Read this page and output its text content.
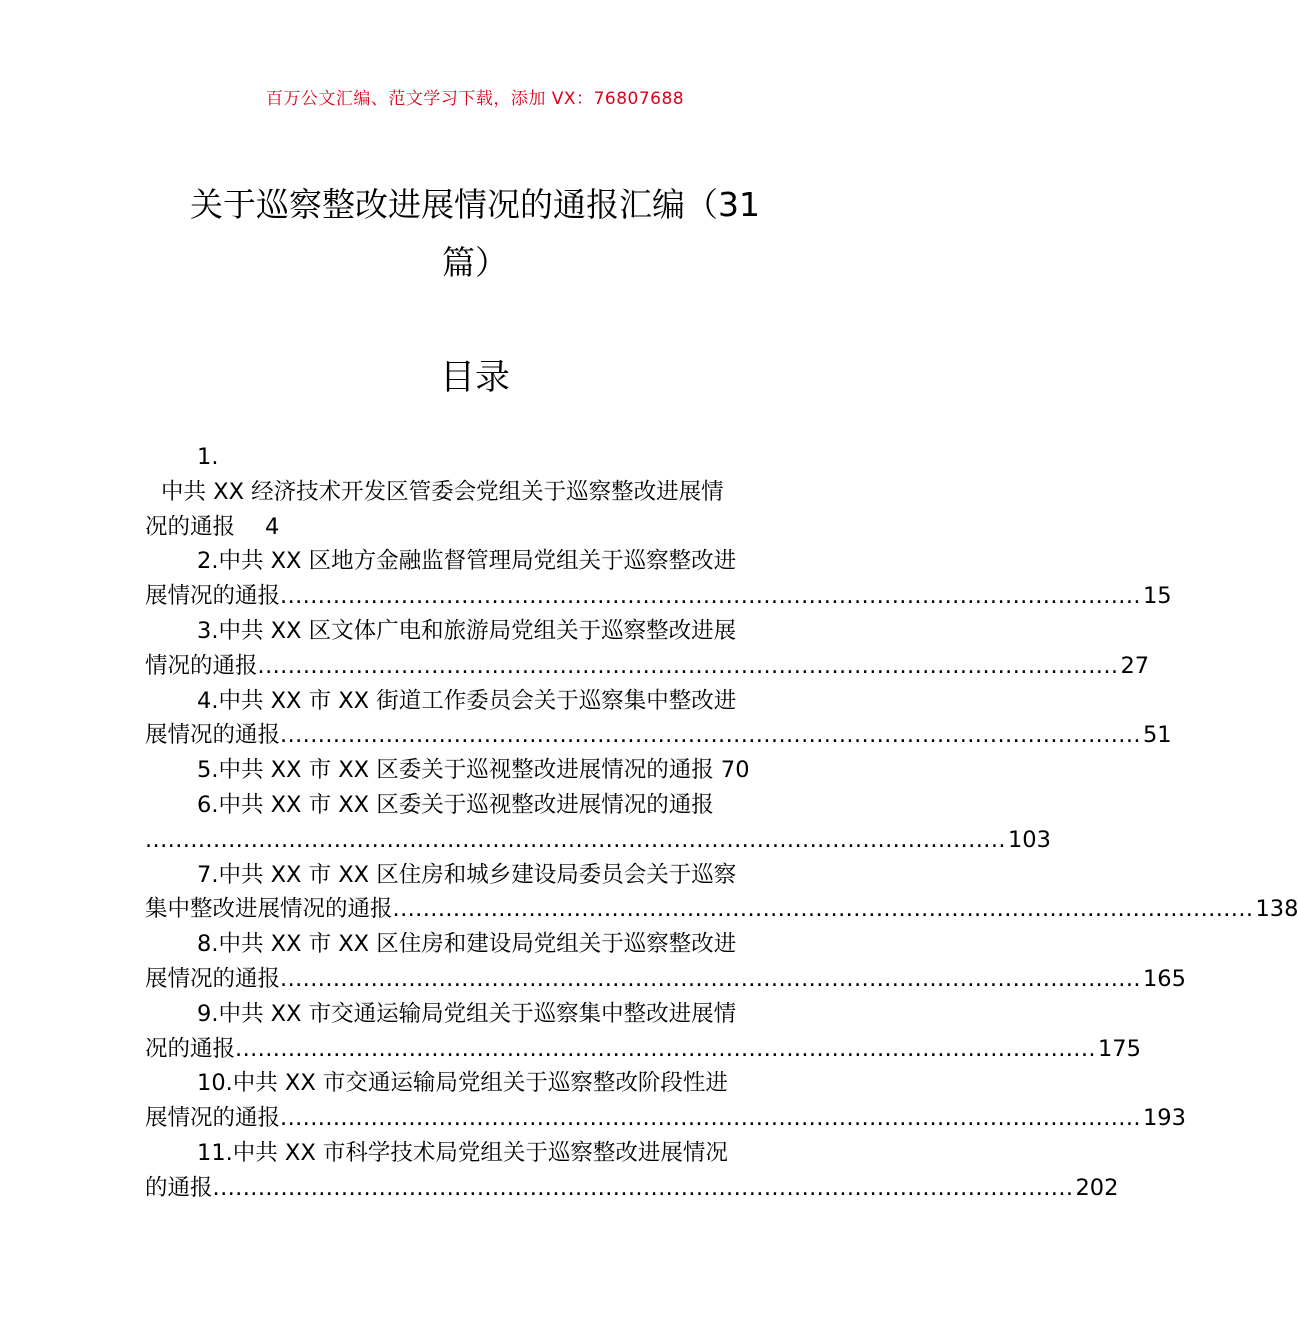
百万公文汇编、范文学习下载，添加 VX：76807688
关于巡察整改进展情况的通报汇编（31
篇）
目录
1.
中共 XX 经济技术开发区管委会党组关于巡察整改进展情
况的通报 4
2.中共 XX 区地方金融监督管理局党组关于巡察整改进
展情况的通报 .................................................................................................................. 15
3.中共 XX 区文体广电和旅游局党组关于巡察整改进展
情况的通报 .................................................................................................................. 27
4.中共 XX 市 XX 街道工作委员会关于巡察集中整改进
展情况的通报 .................................................................................................................. 51
5.中共 XX 市 XX 区委关于巡视整改进展情况的通报 70
6.中共 XX 市 XX 区委关于巡视整改进展情况的通报
.................................................................................................................. 103
7.中共 XX 市 XX 区住房和城乡建设局委员会关于巡察
集中整改进展情况的通报 .................................................................................................................. 138
8.中共 XX 市 XX 区住房和建设局党组关于巡察整改进
展情况的通报 .................................................................................................................. 165
9.中共 XX 市交通运输局党组关于巡察集中整改进展情
况的通报 .................................................................................................................. 175
10.中共 XX 市交通运输局党组关于巡察整改阶段性进
展情况的通报 .................................................................................................................. 193
11.中共 XX 市科学技术局党组关于巡察整改进展情况
的通报 .................................................................................................................. 202
